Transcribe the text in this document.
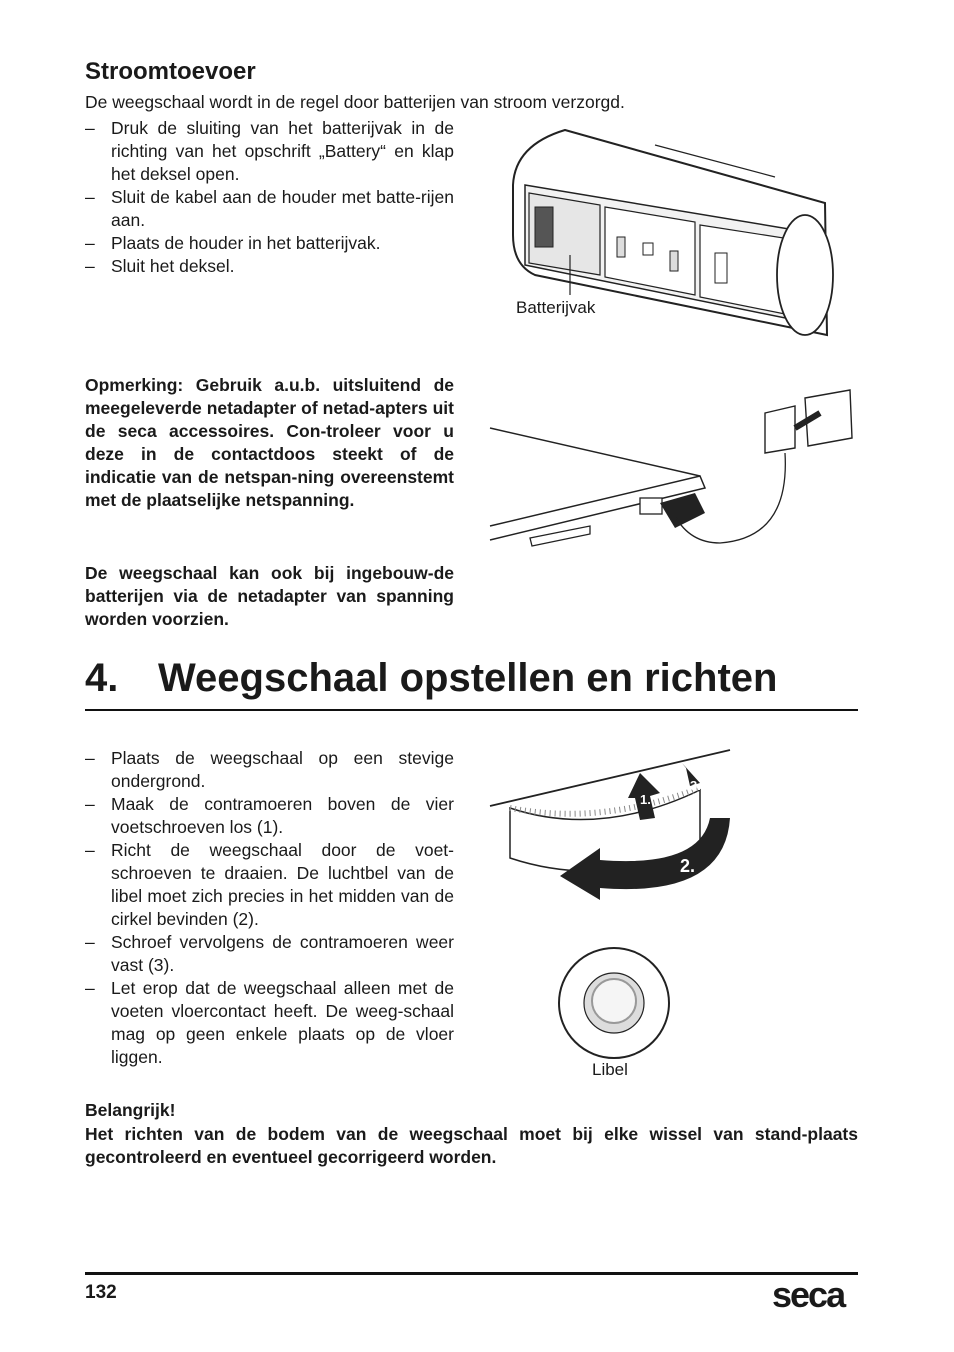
Stroomtoevoer
De weegschaal wordt in de regel door batterijen van stroom verzorgd.
– Druk de sluiting van het batterijvak in de richting van het opschrift „Battery“ en klap het deksel open.
– Sluit de kabel aan de houder met batte-rijen aan.
– Plaats de houder in het batterijvak.
– Sluit het deksel.
Batterijvak
Opmerking: Gebruik a.u.b. uitsluitend de meegeleverde netadapter of netad-apters uit de seca accessoires. Con-troleer voor u deze in de contactdoos steekt of de indicatie van de netspan-ning overeenstemt met de plaatselijke netspanning.
De weegschaal kan ook bij ingebouw-de batterijen via de netadapter van spanning worden voorzien.
4. Weegschaal opstellen en richten
– Plaats de weegschaal op een stevige ondergrond.
– Maak de contramoeren boven de vier voetschroeven los (1).
– Richt de weegschaal door de voet-schroeven te draaien. De luchtbel van de libel moet zich precies in het midden van de cirkel bevinden (2).
– Schroef vervolgens de contramoeren weer vast (3).
– Let erop dat de weegschaal alleen met de voeten vloercontact heeft. De weeg-schaal mag op geen enkele plaats op de vloer liggen.
1.
2.
3.
Libel
Belangrijk!
Het richten van de bodem van de weegschaal moet bij elke wissel van stand-plaats gecontroleerd en eventueel gecorrigeerd worden.
132	seca
